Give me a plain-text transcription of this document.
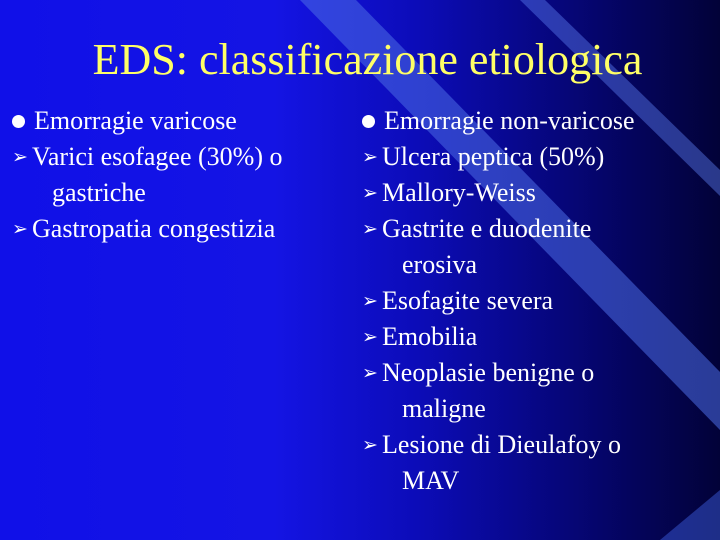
EDS: classificazione etiologica
Emorragie varicose
➢ Varici esofagee (30%) o
gastriche
➢ Gastropatia congestizia
Emorragie non-varicose
➢ Ulcera peptica (50%)
➢ Mallory-Weiss
➢ Gastrite e duodenite
erosiva
➢ Esofagite severa
➢ Emobilia
➢ Neoplasie benigne o
maligne
➢ Lesione di Dieulafoy o
MAV
